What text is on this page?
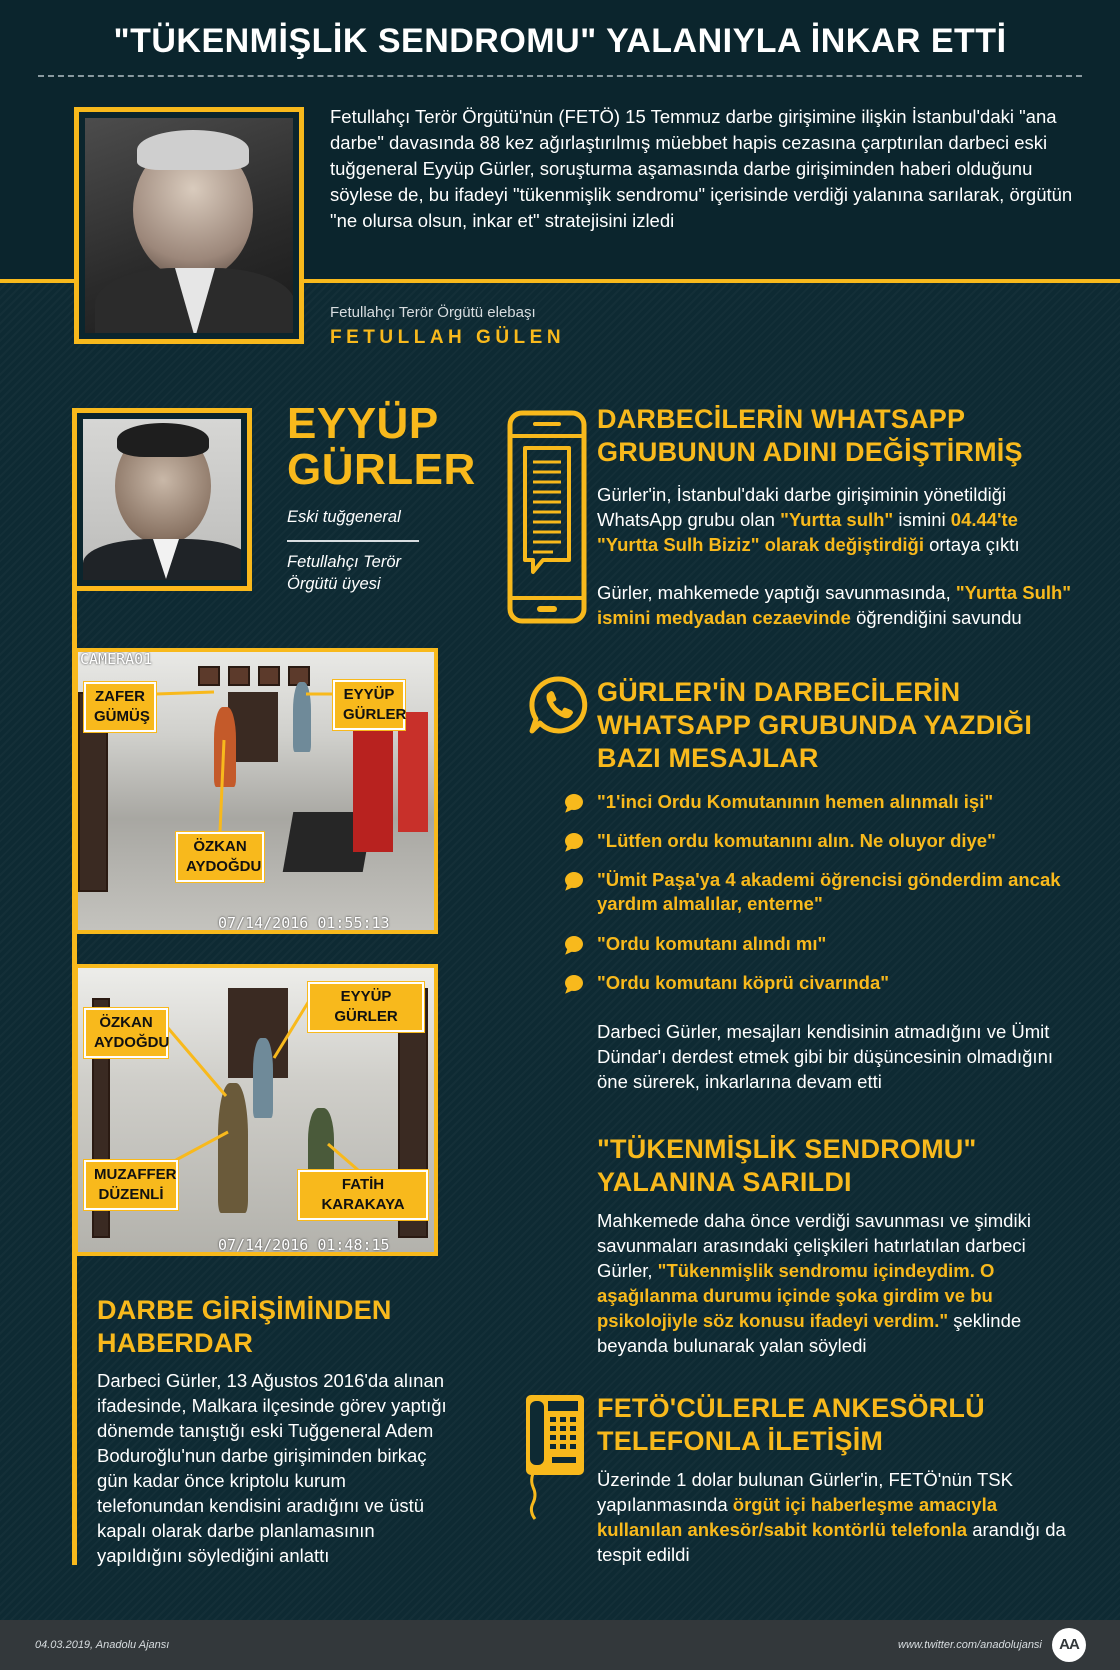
"TÜKENMİŞLİK SENDROMU" YALANIYLA İNKAR ETTİ
Fetullahçı Terör Örgütü'nün (FETÖ) 15 Temmuz darbe girişimine ilişkin İstanbul'daki "ana darbe" davasında 88 kez ağırlaştırılmış müebbet hapis cezasına çarptırılan darbeci eski tuğgeneral Eyyüp Gürler, soruşturma aşamasında darbe girişiminden haberi olduğunu söylese de, bu ifadeyi "tükenmişlik sendromu" içerisinde verdiği yalanına sarılarak, örgütün "ne olursa olsun, inkar et" stratejisini izledi
Fetullahçı Terör Örgütü elebaşı
FETULLAH GÜLEN
EYYÜP
GÜRLER
Eski tuğgeneral
Fetullahçı Terör Örgütü üyesi
CAMERA01
07/14/2016 01:55:13
ZAFER GÜMÜŞ
EYYÜP GÜRLER
ÖZKAN AYDOĞDU
07/14/2016 01:48:15
ÖZKAN AYDOĞDU
EYYÜP GÜRLER
MUZAFFER DÜZENLİ
FATİH KARAKAYA
DARBE GİRİŞİMİNDEN HABERDAR
Darbeci Gürler, 13 Ağustos 2016'da alınan ifadesinde, Malkara ilçesinde görev yaptığı dönemde tanıştığı eski Tuğgeneral Adem Boduroğlu'nun darbe girişiminden birkaç gün kadar önce kriptolu kurum telefonundan kendisini aradığını ve üstü kapalı olarak darbe planlamasının yapıldığını söylediğini anlattı
DARBECİLERİN WHATSAPP GRUBUNUN ADINI DEĞİŞTİRMİŞ
Gürler'in, İstanbul'daki darbe girişiminin yönetildiği WhatsApp grubu olan "Yurtta sulh" ismini 04.44'te "Yurtta Sulh Biziz" olarak değiştirdiği ortaya çıktı
Gürler, mahkemede yaptığı savunmasında, "Yurtta Sulh" ismini medyadan cezaevinde öğrendiğini savundu
GÜRLER'İN DARBECİLERİN WHATSAPP GRUBUNDA YAZDIĞI BAZI MESAJLAR
"1'inci Ordu Komutanının hemen alınmalı işi"
"Lütfen ordu komutanını alın. Ne oluyor diye"
"Ümit Paşa'ya 4 akademi öğrencisi gönderdim ancak yardım almalılar, enterne"
"Ordu komutanı alındı mı"
"Ordu komutanı köprü civarında"
Darbeci Gürler, mesajları kendisinin atmadığını ve Ümit Dündar'ı derdest etmek gibi bir düşüncesinin olmadığını öne sürerek, inkarlarına devam etti
"TÜKENMİŞLİK SENDROMU" YALANINA SARILDI
Mahkemede daha önce verdiği savunması ve şimdiki savunmaları arasındaki çelişkileri hatırlatılan darbeci Gürler, "Tükenmişlik sendromu içindeydim. O aşağılanma durumu içinde şoka girdim ve bu psikolojiyle söz konusu ifadeyi verdim." şeklinde beyanda bulunarak yalan söyledi
FETÖ'CÜLERLE ANKESÖRLÜ TELEFONLA İLETİŞİM
Üzerinde 1 dolar bulunan Gürler'in, FETÖ'nün TSK yapılanmasında örgüt içi haberleşme amacıyla kullanılan ankesör/sabit kontörlü telefonla arandığı da tespit edildi
04.03.2019, Anadolu Ajansı	www.twitter.com/anadolujansi	AA
